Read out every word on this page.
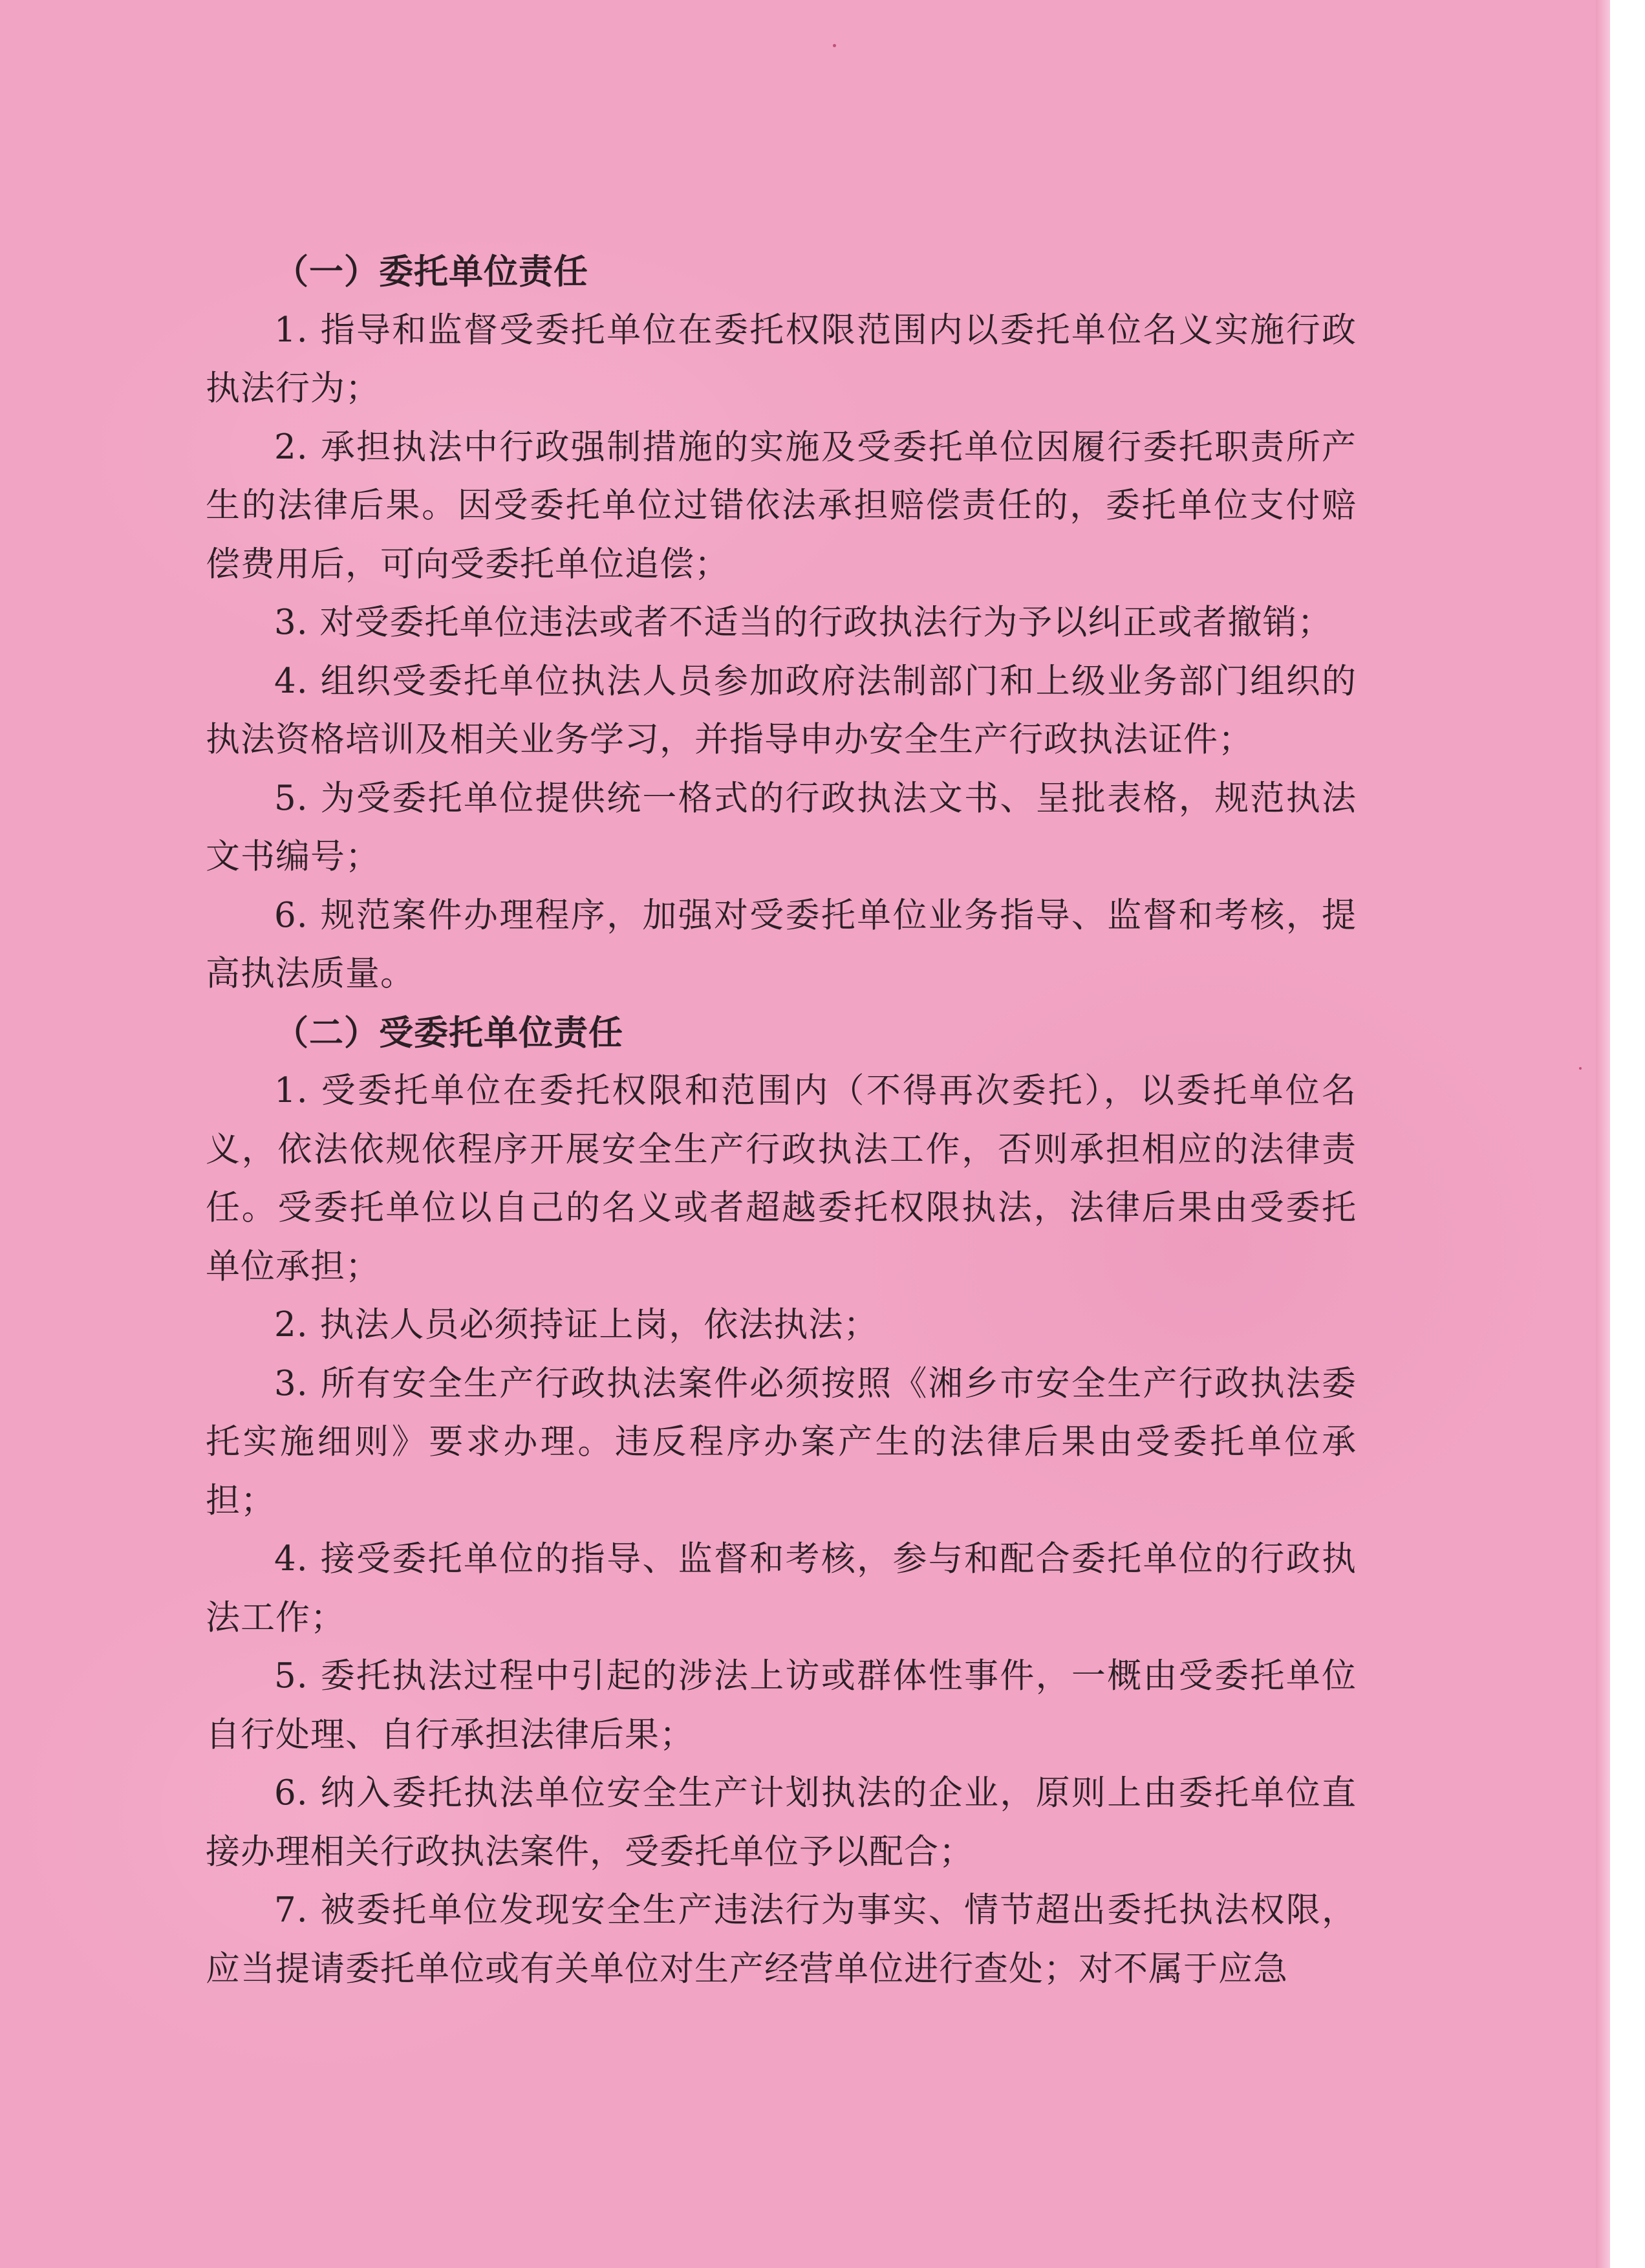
（一）委托单位责任

1. 指导和监督受委托单位在委托权限范围内以委托单位名义实施行政执法行为；

2. 承担执法中行政强制措施的实施及受委托单位因履行委托职责所产生的法律后果。因受委托单位过错依法承担赔偿责任的，委托单位支付赔偿费用后，可向受委托单位追偿；

3. 对受委托单位违法或者不适当的行政执法行为予以纠正或者撤销；

4. 组织受委托单位执法人员参加政府法制部门和上级业务部门组织的执法资格培训及相关业务学习，并指导申办安全生产行政执法证件；

5. 为受委托单位提供统一格式的行政执法文书、呈批表格，规范执法文书编号；

6. 规范案件办理程序，加强对受委托单位业务指导、监督和考核，提高执法质量。

（二）受委托单位责任

1. 受委托单位在委托权限和范围内（不得再次委托），以委托单位名义，依法依规依程序开展安全生产行政执法工作，否则承担相应的法律责任。受委托单位以自己的名义或者超越委托权限执法，法律后果由受委托单位承担；

2. 执法人员必须持证上岗，依法执法；

3. 所有安全生产行政执法案件必须按照《湘乡市安全生产行政执法委托实施细则》要求办理。违反程序办案产生的法律后果由受委托单位承担；

4. 接受委托单位的指导、监督和考核，参与和配合委托单位的行政执法工作；

5. 委托执法过程中引起的涉法上访或群体性事件，一概由受委托单位自行处理、自行承担法律后果；

6. 纳入委托执法单位安全生产计划执法的企业，原则上由委托单位直接办理相关行政执法案件，受委托单位予以配合；

7. 被委托单位发现安全生产违法行为事实、情节超出委托执法权限，应当提请委托单位或有关单位对生产经营单位进行查处；对不属于应急
